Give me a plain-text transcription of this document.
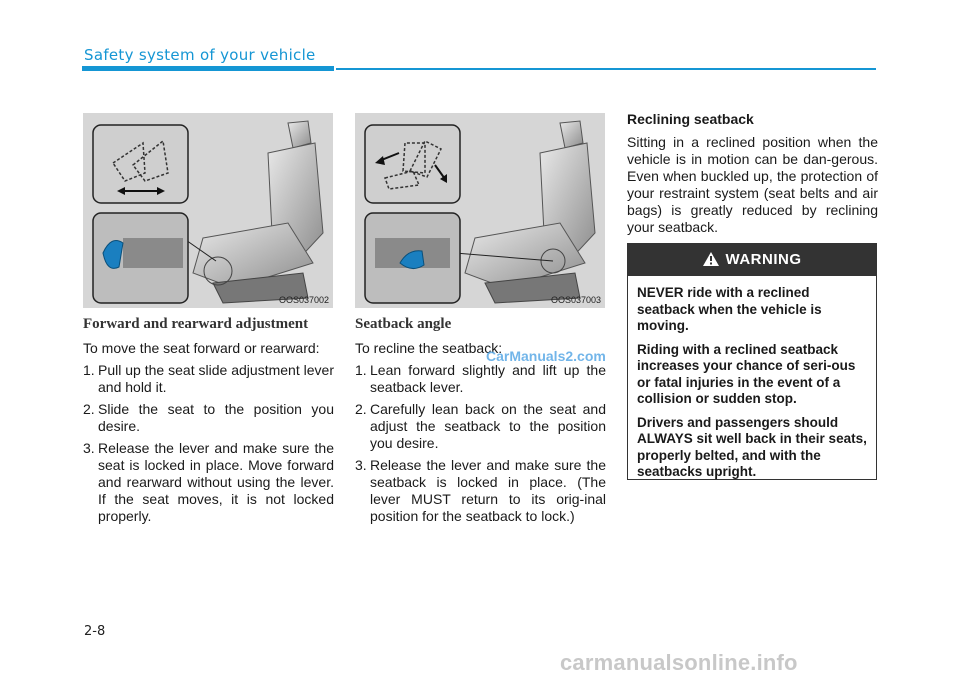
Safety system of your vehicle
OOS037002	OOS037003
Forward and rearward adjustment

To move the seat forward or rearward:

1. Pull up the seat slide adjustment lever and hold it.
2. Slide the seat to the position you desire.
3. Release the lever and make sure the seat is locked in place. Move forward and rearward without using the lever. If the seat moves, it is not locked properly.
Seatback angle

To recline the seatback:

1. Lean forward slightly and lift up the seatback lever.
2. Carefully lean back on the seat and adjust the seatback to the position you desire.
3. Release the lever and make sure the seatback is locked in place. (The lever MUST return to its orig-inal position for the seatback to lock.)
Reclining seatback

Sitting in a reclined position when the vehicle is in motion can be dan-gerous. Even when buckled up, the protection of your restraint system (seat belts and air bags) is greatly reduced by reclining your seatback.

WARNING

NEVER ride with a reclined seatback when the vehicle is moving.

Riding with a reclined seatback increases your chance of seri-ous or fatal injuries in the event of a collision or sudden stop.

Drivers and passengers should ALWAYS sit well back in their seats, properly belted, and with the seatbacks upright.

2-8
CarManuals2.com
carmanualsonline.info
